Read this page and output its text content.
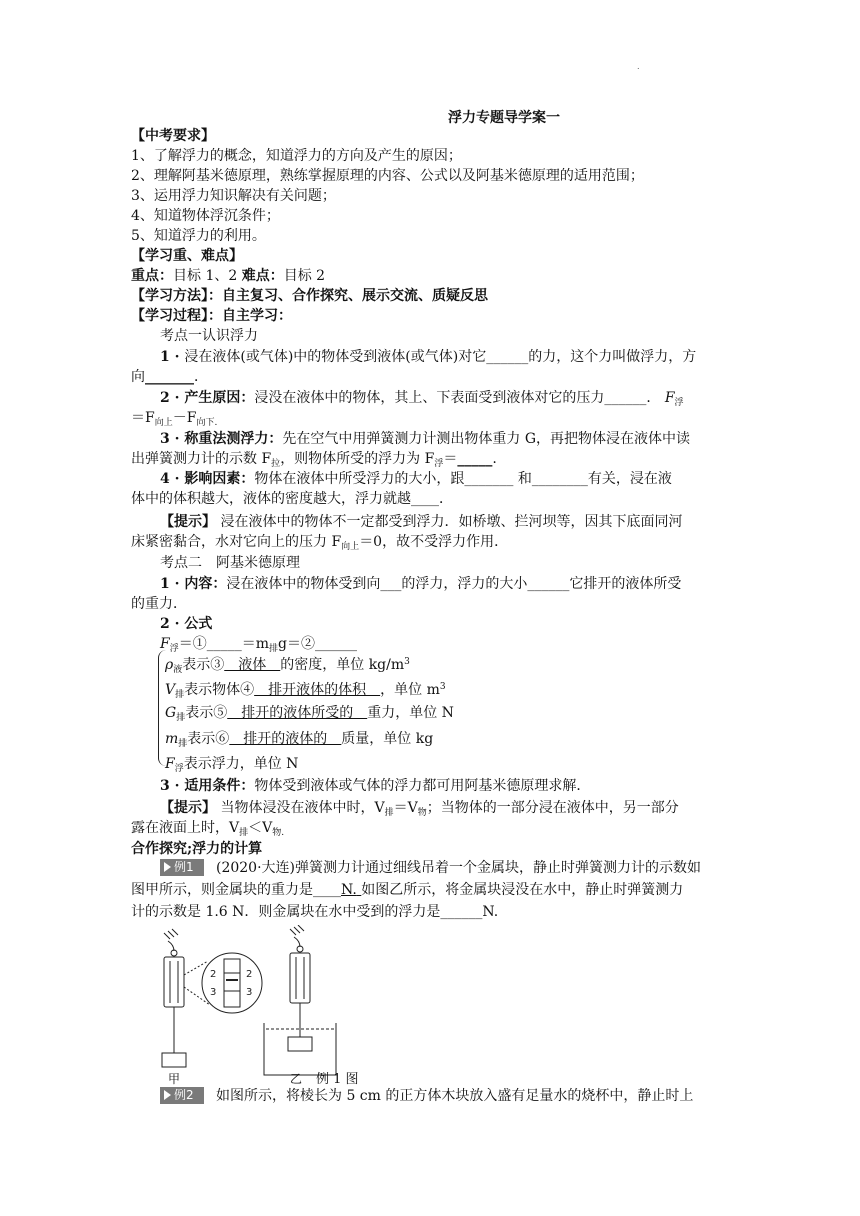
.
浮力专题导学案一
【中考要求】
1、了解浮力的概念，知道浮力的方向及产生的原因；
2、理解阿基米德原理，熟练掌握原理的内容、公式以及阿基米德原理的适用范围；
3、运用浮力知识解决有关问题；
4、知道物体浮沉条件；
5、知道浮力的利用。
【学习重、难点】
重点：目标 1、2 难点：目标 2
【学习方法】：自主复习、合作探究、展示交流、质疑反思
【学习过程】：自主学习：
考点一认识浮力
1 · 浸在液体(或气体)中的物体受到液体(或气体)对它______的力，这个力叫做浮力，方
向_______．
2 · 产生原因：浸没在液体中的物体，其上、下表面受到液体对它的压力______． $F_浮$
$=F_{向上}-F_{向下.}$
3 · 称重法测浮力：先在空气中用弹簧测力计测出物体重力 G，再把物体浸在液体中读
出弹簧测力计的示数 $F_拉$，则物体所受的浮力为 $F_浮=\_\_\_\_\_$.
4 · 影响因素：物体在液体中所受浮力的大小，跟_______ 和________有关，浸在液
体中的体积越大，液体的密度越大，浮力就越____．
【提示】 浸在液体中的物体不一定都受到浮力．如桥墩、拦河坝等，因其下底面同河
床紧密黏合，水对它向上的压力 $F_{向上}=0$，故不受浮力作用．
考点二　阿基米德原理
1 · 内容：浸在液体中的物体受到向___的浮力，浮力的大小______它排开的液体所受
的重力．
2 · 公式
$F_浮=①\_\_\_\_\_=m_排g=②\_\_\_\_\_\_$
$\rho_液$表示③　液体　的密度，单位 $kg/m^3$
$V_排$表示物体④　排开液体的体积　，单位 $m^3$
$G_排$表示⑤　排开的液体所受的　重力，单位 N
$m_排$表示⑥　排开的液体的　质量，单位 kg
$F_浮$表示浮力，单位 N
3 · 适用条件：物体受到液体或气体的浮力都可用阿基米德原理求解．
【提示】 当物体浸没在液体中时，$V_排=V_物$；当物体的一部分浸在液体中，另一部分
露在液面上时，$V_排<V_{物.}$
合作探究;浮力的计算
例1	(2020·大连)弹簧测力计通过细线吊着一个金属块，静止时弹簧测力计的示数如
图甲所示，则金属块的重力是____N. 如图乙所示，将金属块浸没在水中，静止时弹簧测力
计的示数是 1.6 N．则金属块在水中受到的浮力是______N.
2
3
2
3
甲	乙 例 1 图
例2	如图所示，将棱长为 5 cm 的正方体木块放入盛有足量水的烧杯中，静止时上
